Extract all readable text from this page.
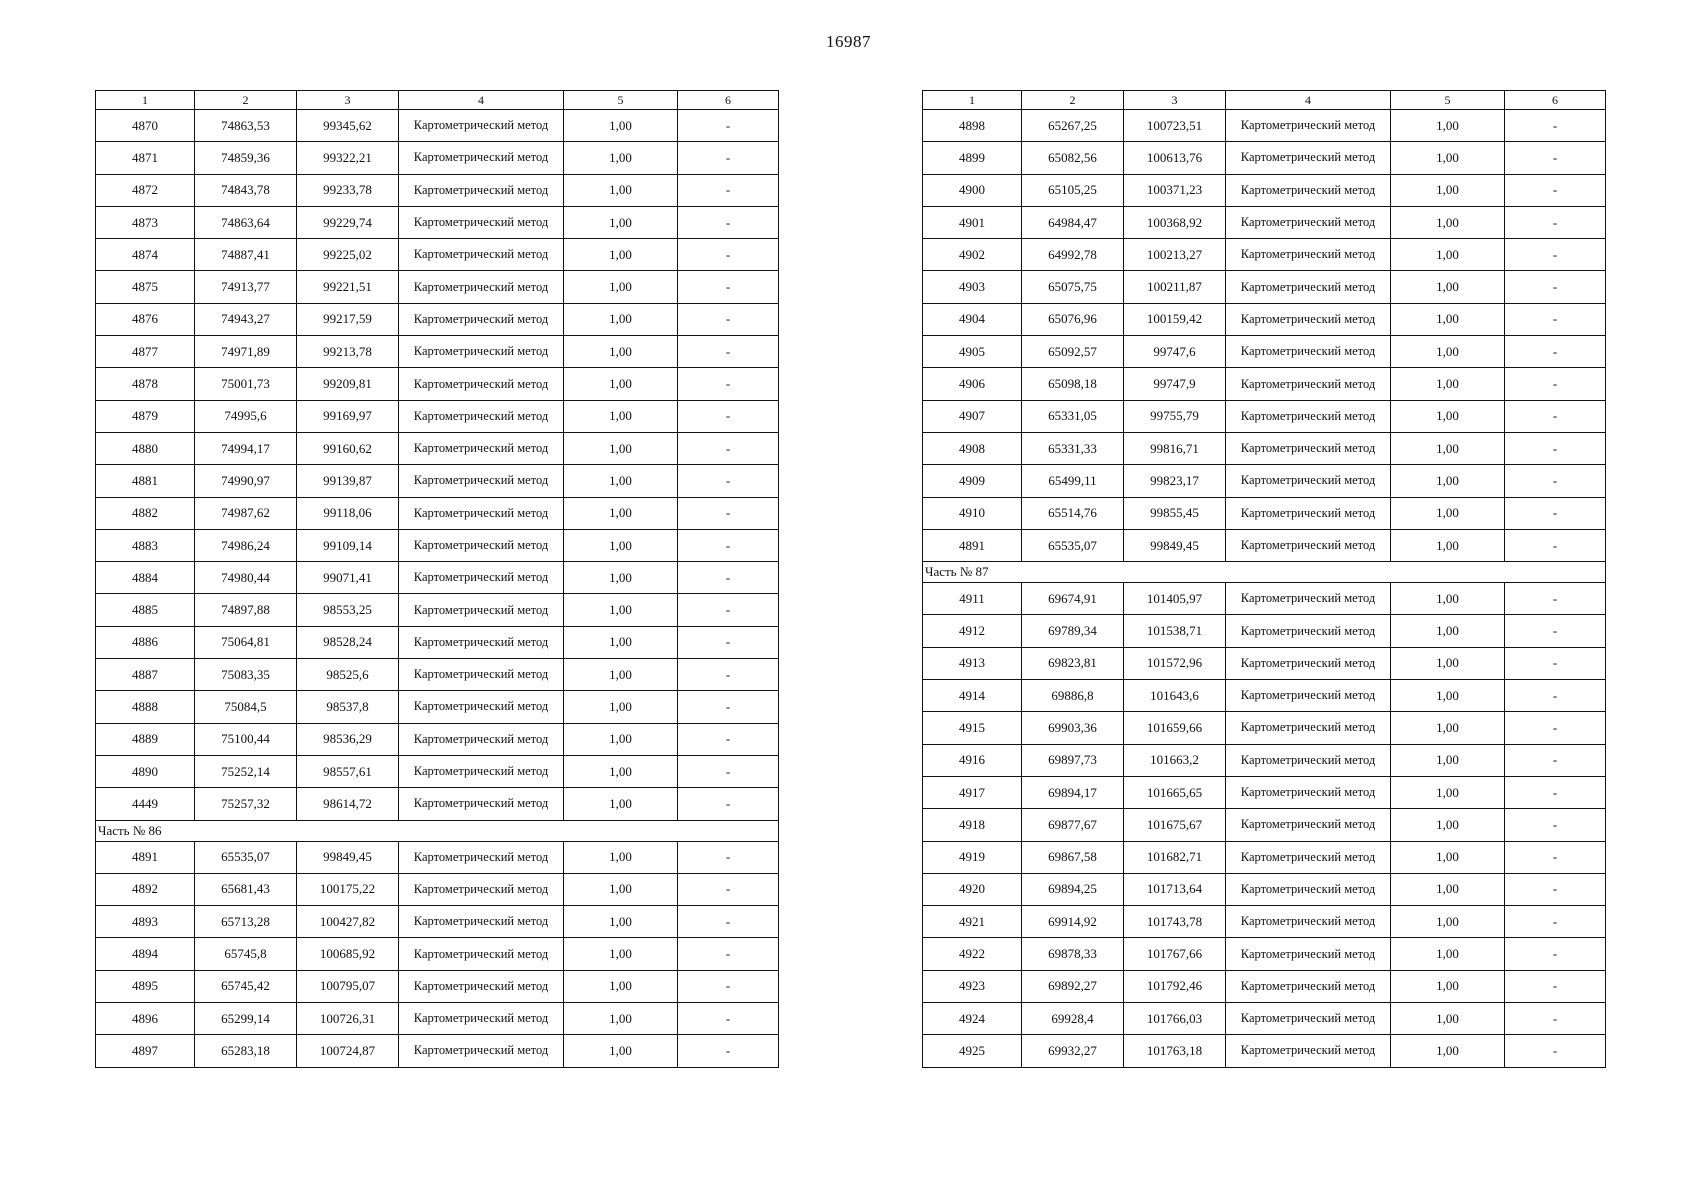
16987
1	2	3	4	5	6
4870	74863,53	99345,62	Картометрический метод	1,00	-
4871	74859,36	99322,21	Картометрический метод	1,00	-
4872	74843,78	99233,78	Картометрический метод	1,00	-
4873	74863,64	99229,74	Картометрический метод	1,00	-
4874	74887,41	99225,02	Картометрический метод	1,00	-
4875	74913,77	99221,51	Картометрический метод	1,00	-
4876	74943,27	99217,59	Картометрический метод	1,00	-
4877	74971,89	99213,78	Картометрический метод	1,00	-
4878	75001,73	99209,81	Картометрический метод	1,00	-
4879	74995,6	99169,97	Картометрический метод	1,00	-
4880	74994,17	99160,62	Картометрический метод	1,00	-
4881	74990,97	99139,87	Картометрический метод	1,00	-
4882	74987,62	99118,06	Картометрический метод	1,00	-
4883	74986,24	99109,14	Картометрический метод	1,00	-
4884	74980,44	99071,41	Картометрический метод	1,00	-
4885	74897,88	98553,25	Картометрический метод	1,00	-
4886	75064,81	98528,24	Картометрический метод	1,00	-
4887	75083,35	98525,6	Картометрический метод	1,00	-
4888	75084,5	98537,8	Картометрический метод	1,00	-
4889	75100,44	98536,29	Картометрический метод	1,00	-
4890	75252,14	98557,61	Картометрический метод	1,00	-
4449	75257,32	98614,72	Картометрический метод	1,00	-
Часть № 86					
4891	65535,07	99849,45	Картометрический метод	1,00	-
4892	65681,43	100175,22	Картометрический метод	1,00	-
4893	65713,28	100427,82	Картометрический метод	1,00	-
4894	65745,8	100685,92	Картометрический метод	1,00	-
4895	65745,42	100795,07	Картометрический метод	1,00	-
4896	65299,14	100726,31	Картометрический метод	1,00	-
4897	65283,18	100724,87	Картометрический метод	1,00	-
1	2	3	4	5	6
4898	65267,25	100723,51	Картометрический метод	1,00	-
4899	65082,56	100613,76	Картометрический метод	1,00	-
4900	65105,25	100371,23	Картометрический метод	1,00	-
4901	64984,47	100368,92	Картометрический метод	1,00	-
4902	64992,78	100213,27	Картометрический метод	1,00	-
4903	65075,75	100211,87	Картометрический метод	1,00	-
4904	65076,96	100159,42	Картометрический метод	1,00	-
4905	65092,57	99747,6	Картометрический метод	1,00	-
4906	65098,18	99747,9	Картометрический метод	1,00	-
4907	65331,05	99755,79	Картометрический метод	1,00	-
4908	65331,33	99816,71	Картометрический метод	1,00	-
4909	65499,11	99823,17	Картометрический метод	1,00	-
4910	65514,76	99855,45	Картометрический метод	1,00	-
4891	65535,07	99849,45	Картометрический метод	1,00	-
Часть № 87					
4911	69674,91	101405,97	Картометрический метод	1,00	-
4912	69789,34	101538,71	Картометрический метод	1,00	-
4913	69823,81	101572,96	Картометрический метод	1,00	-
4914	69886,8	101643,6	Картометрический метод	1,00	-
4915	69903,36	101659,66	Картометрический метод	1,00	-
4916	69897,73	101663,2	Картометрический метод	1,00	-
4917	69894,17	101665,65	Картометрический метод	1,00	-
4918	69877,67	101675,67	Картометрический метод	1,00	-
4919	69867,58	101682,71	Картометрический метод	1,00	-
4920	69894,25	101713,64	Картометрический метод	1,00	-
4921	69914,92	101743,78	Картометрический метод	1,00	-
4922	69878,33	101767,66	Картометрический метод	1,00	-
4923	69892,27	101792,46	Картометрический метод	1,00	-
4924	69928,4	101766,03	Картометрический метод	1,00	-
4925	69932,27	101763,18	Картометрический метод	1,00	-
